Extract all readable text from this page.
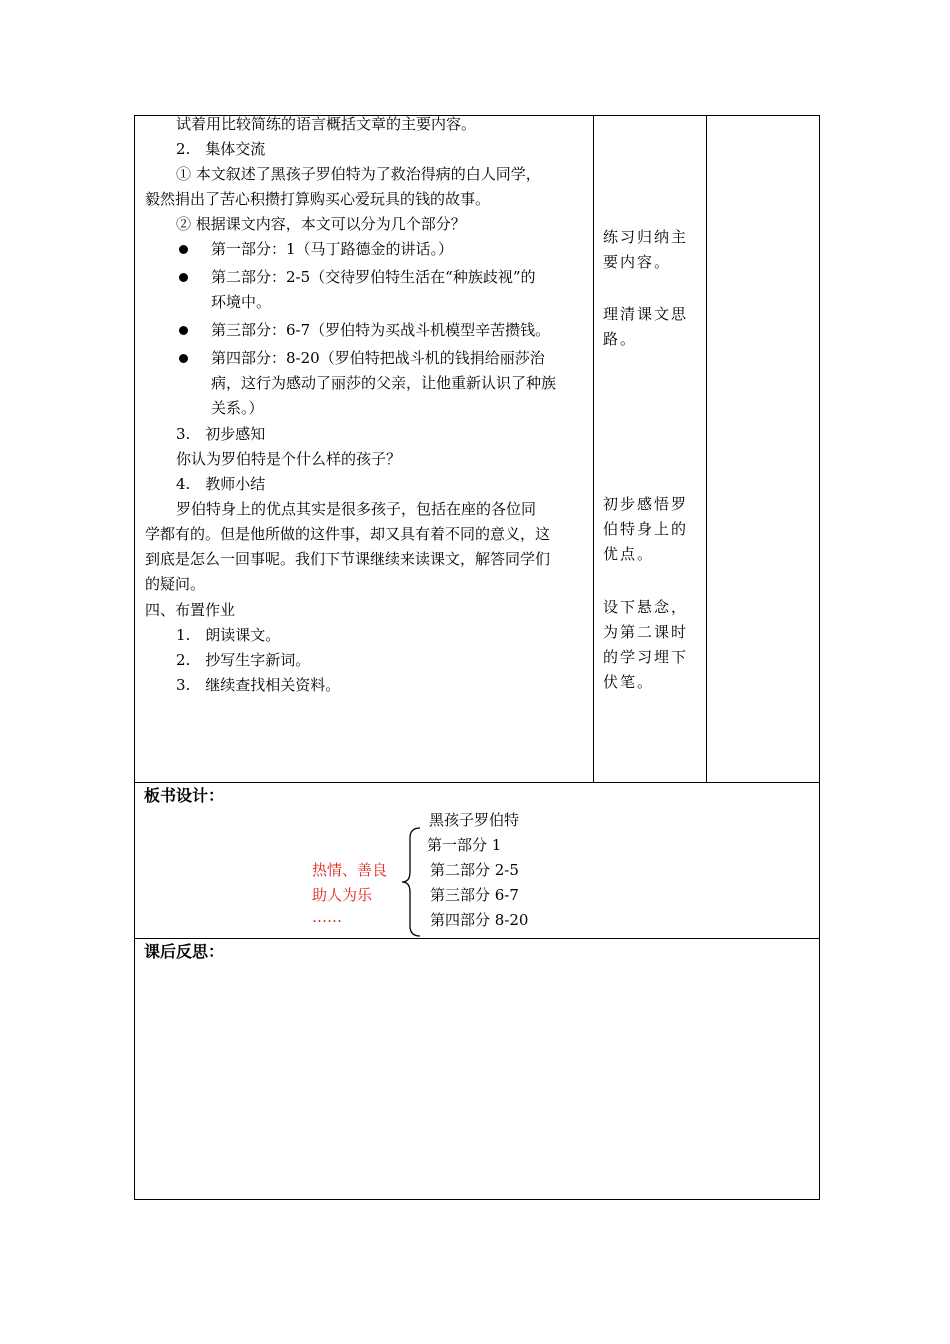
试着用比较简练的语言概括文章的主要内容。
2.　集体交流
① 本文叙述了黑孩子罗伯特为了救治得病的白人同学，
毅然捐出了苦心积攒打算购买心爱玩具的钱的故事。
② 根据课文内容，本文可以分为几个部分？
第一部分：1（马丁路德金的讲话。）
第二部分：2-5（交待罗伯特生活在“种族歧视”的
环境中。
第三部分：6-7（罗伯特为买战斗机模型辛苦攒钱。
第四部分：8-20（罗伯特把战斗机的钱捐给丽莎治
病，这行为感动了丽莎的父亲，让他重新认识了种族
关系。）
3.　初步感知
你认为罗伯特是个什么样的孩子？
4.　教师小结
罗伯特身上的优点其实是很多孩子，包括在座的各位同
学都有的。但是他所做的这件事，却又具有着不同的意义，这
到底是怎么一回事呢。我们下节课继续来读课文，解答同学们
的疑问。
四、布置作业
1.　朗读课文。
2.　抄写生字新词。
3.　继续查找相关资料。
练习归纳主要内容。
理清课文思路。
初步感悟罗伯特身上的优点。
设下悬念，为第二课时的学习埋下伏笔。
板书设计：
黑孩子罗伯特
第一部分 1
第二部分 2-5
第三部分 6-7
第四部分 8-20
热情、善良
助人为乐
……
课后反思：
